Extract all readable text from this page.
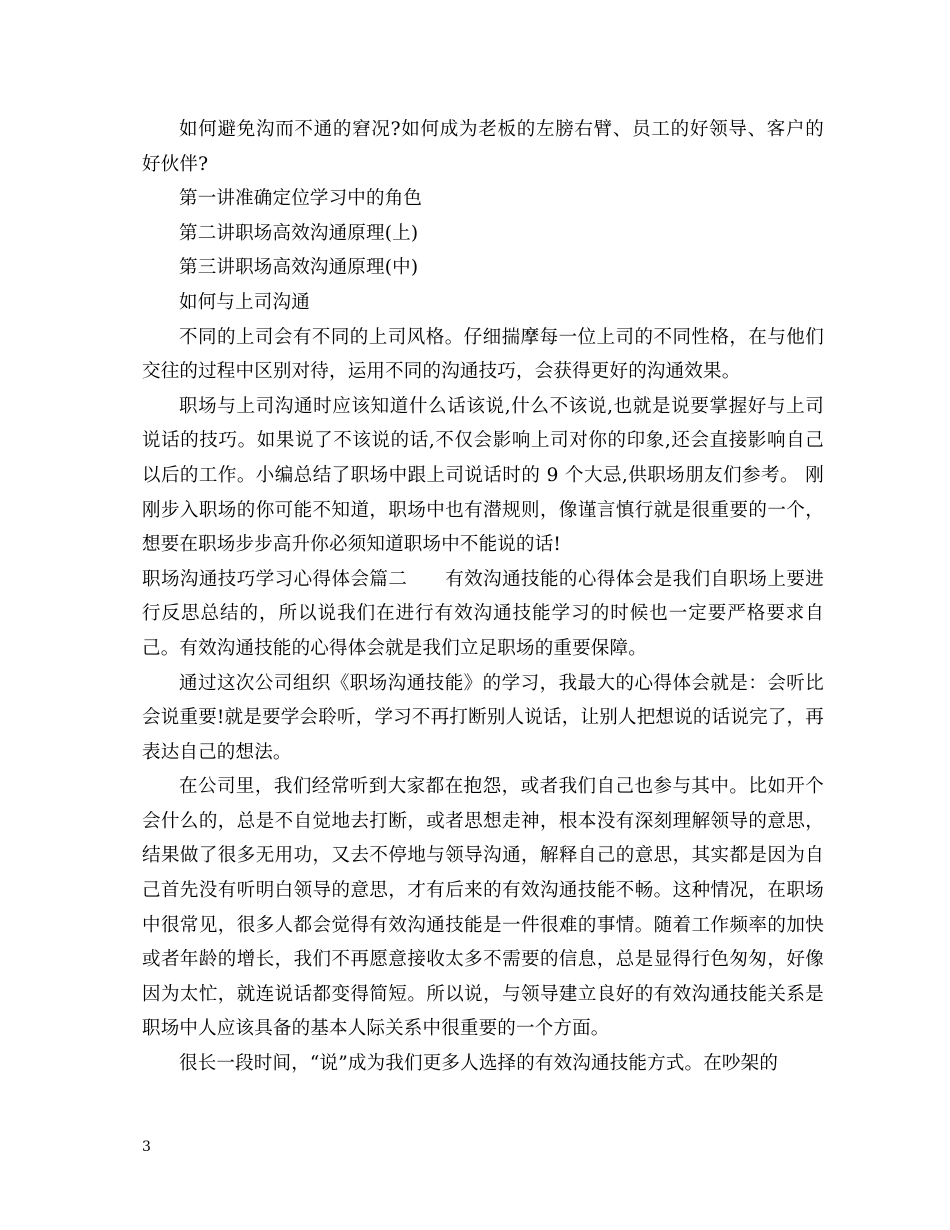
如何避免沟而不通的窘况?如何成为老板的左膀右臂、员工的好领导、客户的好伙伴?

第一讲准确定位学习中的角色

第二讲职场高效沟通原理(上)

第三讲职场高效沟通原理(中)

如何与上司沟通

不同的上司会有不同的上司风格。仔细揣摩每一位上司的不同性格，在与他们交往的过程中区别对待，运用不同的沟通技巧，会获得更好的沟通效果。

职场与上司沟通时应该知道什么话该说,什么不该说,也就是说要掌握好与上司说话的技巧。如果说了不该说的话,不仅会影响上司对你的印象,还会直接影响自己以后的工作。小编总结了职场中跟上司说话时的 9 个大忌,供职场朋友们参考。 刚刚步入职场的你可能不知道，职场中也有潜规则，像谨言慎行就是很重要的一个，想要在职场步步高升你必须知道职场中不能说的话!

职场沟通技巧学习心得体会篇二　　有效沟通技能的心得体会是我们自职场上要进行反思总结的，所以说我们在进行有效沟通技能学习的时候也一定要严格要求自己。有效沟通技能的心得体会就是我们立足职场的重要保障。

通过这次公司组织《职场沟通技能》的学习，我最大的心得体会就是：会听比会说重要!就是要学会聆听，学习不再打断别人说话，让别人把想说的话说完了，再表达自己的想法。

在公司里，我们经常听到大家都在抱怨，或者我们自己也参与其中。比如开个会什么的，总是不自觉地去打断，或者思想走神，根本没有深刻理解领导的意思，结果做了很多无用功，又去不停地与领导沟通，解释自己的意思，其实都是因为自己首先没有听明白领导的意思，才有后来的有效沟通技能不畅。这种情况，在职场中很常见，很多人都会觉得有效沟通技能是一件很难的事情。随着工作频率的加快或者年龄的增长，我们不再愿意接收太多不需要的信息，总是显得行色匆匆，好像因为太忙，就连说话都变得简短。所以说，与领导建立良好的有效沟通技能关系是职场中人应该具备的基本人际关系中很重要的一个方面。

很长一段时间，“说”成为我们更多人选择的有效沟通技能方式。在吵架的

3
